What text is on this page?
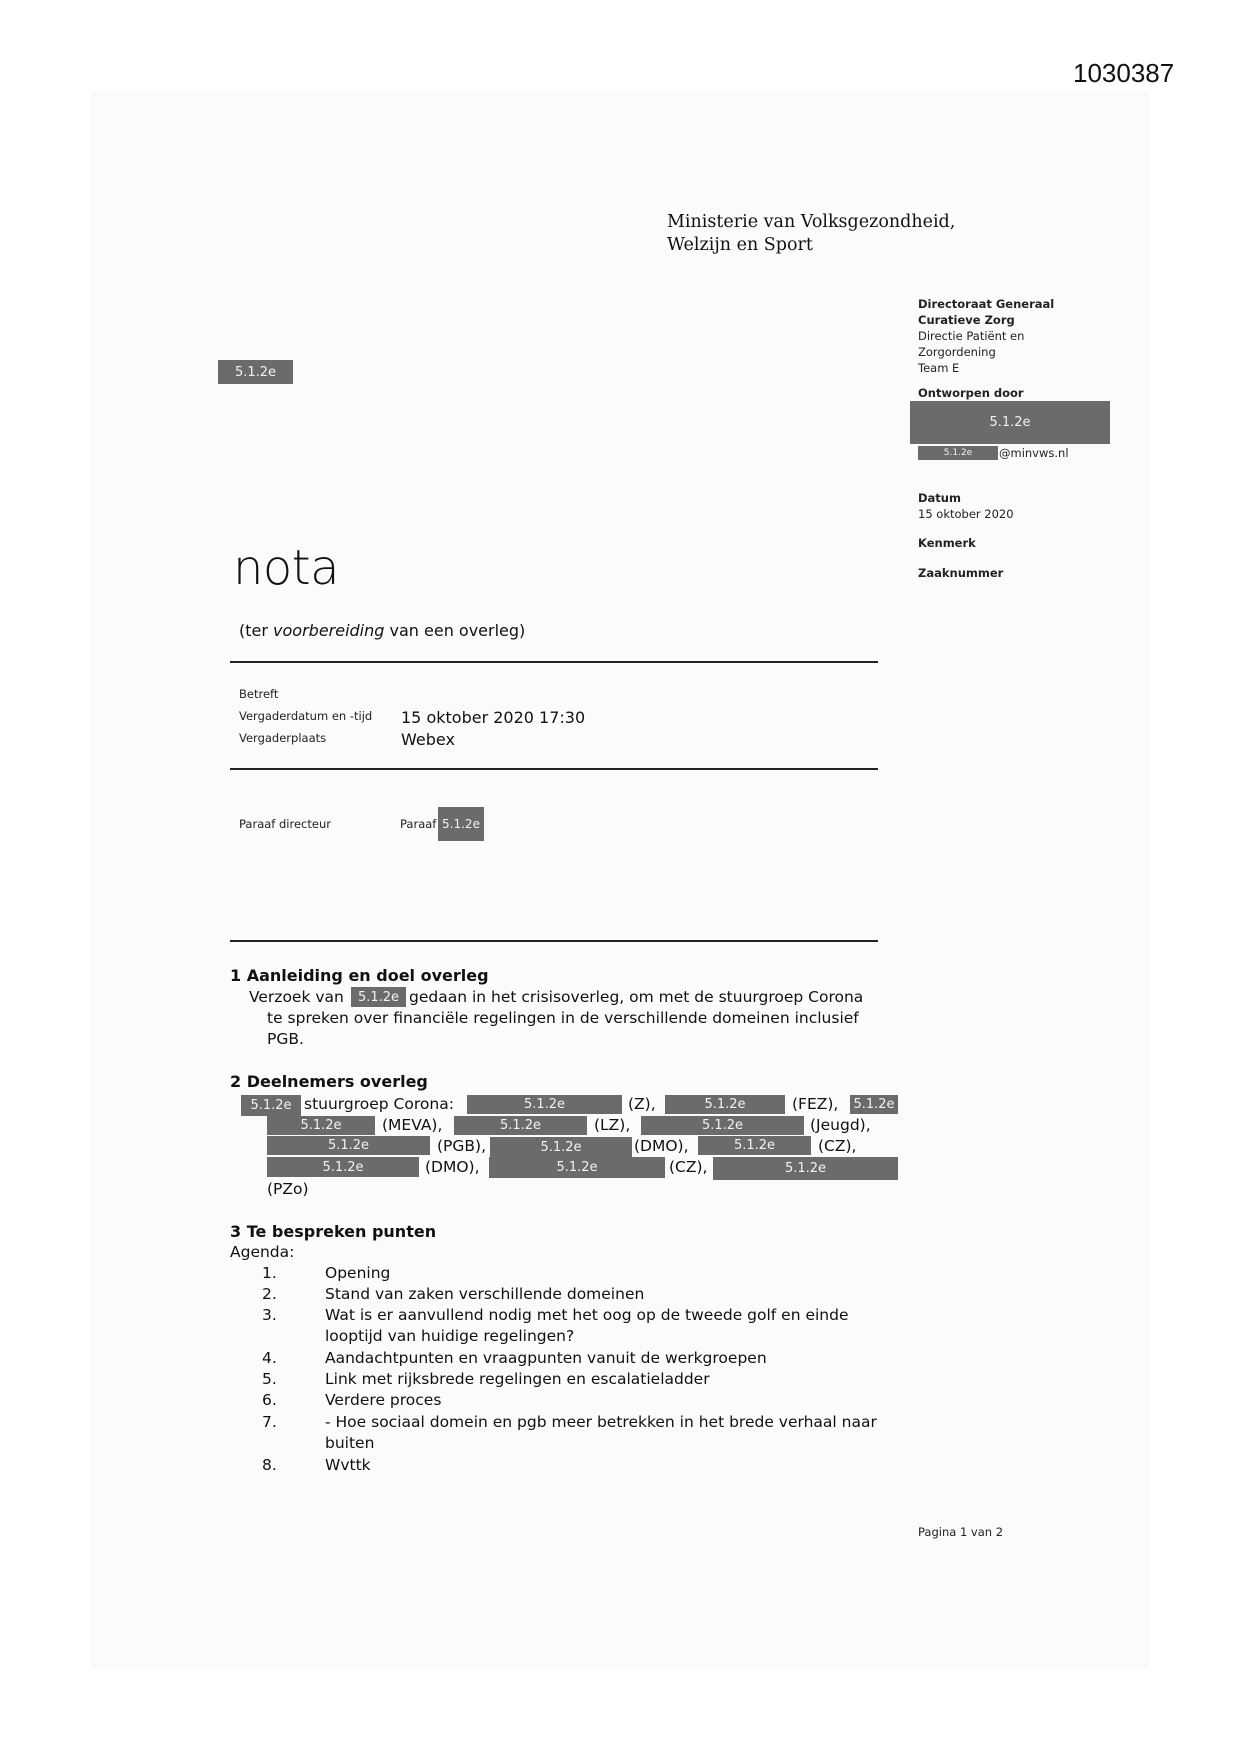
1030387
Ministerie van Volksgezondheid,
Welzijn en Sport
5.1.2e
Directoraat Generaal
Curatieve Zorg
Directie Patiënt en
Zorgordening
Team E
Ontworpen door
5.1.2e
5.1.2e	@minvws.nl
Datum
15 oktober 2020
Kenmerk
Zaaknummer
nota
(ter voorbereiding van een overleg)
Betreft
Vergaderdatum en -tijd 15 oktober 2020 17:30
Vergaderplaats	Webex
Paraaf directeur	Paraaf 5.1.2e
1 Aanleiding en doel overleg
Verzoek van	5.1.2e gedaan in het crisisoverleg, om met de stuurgroep Corona
te spreken over financiële regelingen in de verschillende domeinen inclusief
PGB.
2 Deelnemers overleg
5.1.2e stuurgroep Corona:	5.1.2e	(Z),	5.1.2e	(FEZ), 5.1.2e
5.1.2e	(MEVA),	5.1.2e	(LZ),	5.1.2e	(Jeugd),
5.1.2e	(PGB),	5.1.2e	(DMO),	5.1.2e	(CZ),
5.1.2e	(DMO),	5.1.2e	(CZ),	5.1.2e
(PZo)
3 Te bespreken punten
Agenda:
1.	Opening
2.	Stand van zaken verschillende domeinen
3.	Wat is er aanvullend nodig met het oog op de tweede golf en einde
looptijd van huidige regelingen?
4.	Aandachtpunten en vraagpunten vanuit de werkgroepen
5.	Link met rijksbrede regelingen en escalatieladder
6.	Verdere proces
7.	- Hoe sociaal domein en pgb meer betrekken in het brede verhaal naar
buiten
8.	Wvttk
Pagina 1 van 2
